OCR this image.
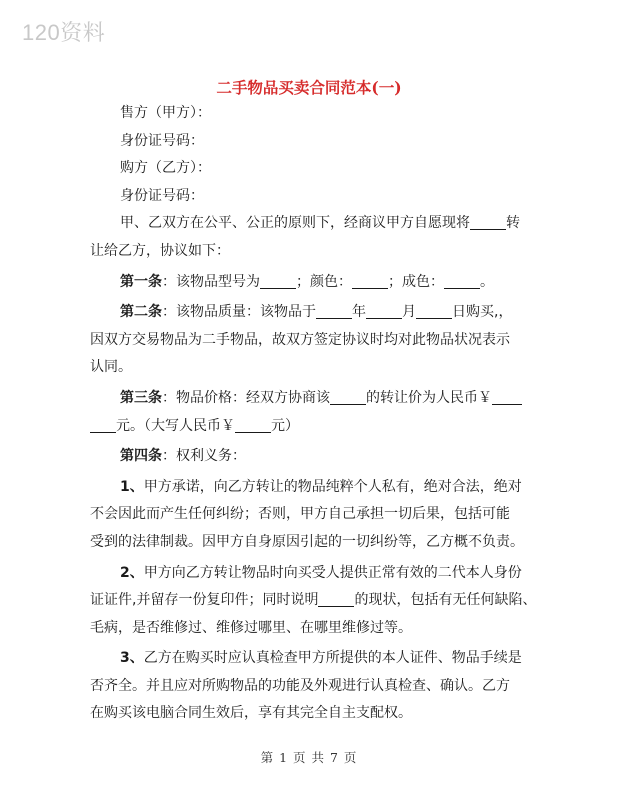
120资料
二手物品买卖合同范本(一)
售方（甲方）：
身份证号码：
购方（乙方）：
身份证号码：
甲、乙双方在公平、公正的原则下，经商议甲方自愿现将	转
让给乙方，协议如下：
第一条：该物品型号为	；颜色：	；成色：	。
第二条：该物品质量：该物品于	年	月	日购买,，
因双方交易物品为二手物品，故双方签定协议时均对此物品状况表示
认同。
第三条：物品价格：经双方协商该	的转让价为人民币￥
元。（大写人民币￥	元）
第四条：权利义务：
1、甲方承诺，向乙方转让的物品纯粹个人私有，绝对合法，绝对
不会因此而产生任何纠纷；否则，甲方自己承担一切后果，包括可能
受到的法律制裁。因甲方自身原因引起的一切纠纷等，乙方概不负责。
2、甲方向乙方转让物品时向买受人提供正常有效的二代本人身份
证证件,并留存一份复印件；同时说明	的现状，包括有无任何缺陷、
毛病，是否维修过、维修过哪里、在哪里维修过等。
3、乙方在购买时应认真检查甲方所提供的本人证件、物品手续是
否齐全。并且应对所购物品的功能及外观进行认真检查、确认。乙方
在购买该电脑合同生效后，享有其完全自主支配权。
第 1 页 共 7 页
